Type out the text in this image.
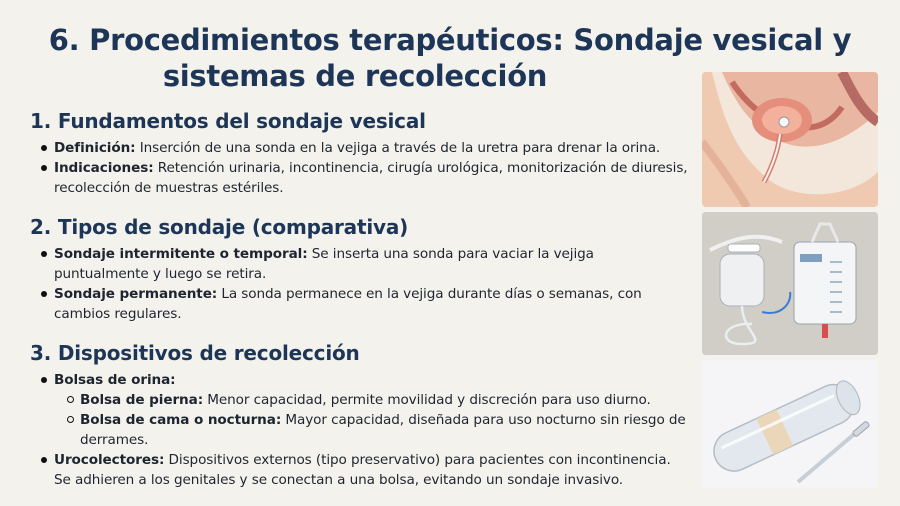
6. Procedimientos terapéuticos: Sondaje vesical y
sistemas de recolección
1. Fundamentos del sondaje vesical
Definición: Inserción de una sonda en la vejiga a través de la uretra para drenar la orina.
Indicaciones: Retención urinaria, incontinencia, cirugía urológica, monitorización de diuresis, recolección de muestras estériles.
2. Tipos de sondaje (comparativa)
Sondaje intermitente o temporal: Se inserta una sonda para vaciar la vejiga puntualmente y luego se retira.
Sondaje permanente: La sonda permanece en la vejiga durante días o semanas, con cambios regulares.
3. Dispositivos de recolección
Bolsas de orina:
Bolsa de pierna: Menor capacidad, permite movilidad y discreción para uso diurno.
Bolsa de cama o nocturna: Mayor capacidad, diseñada para uso nocturno sin riesgo de derrames.
Urocolectores: Dispositivos externos (tipo preservativo) para pacientes con incontinencia. Se adhieren a los genitales y se conectan a una bolsa, evitando un sondaje invasivo.
